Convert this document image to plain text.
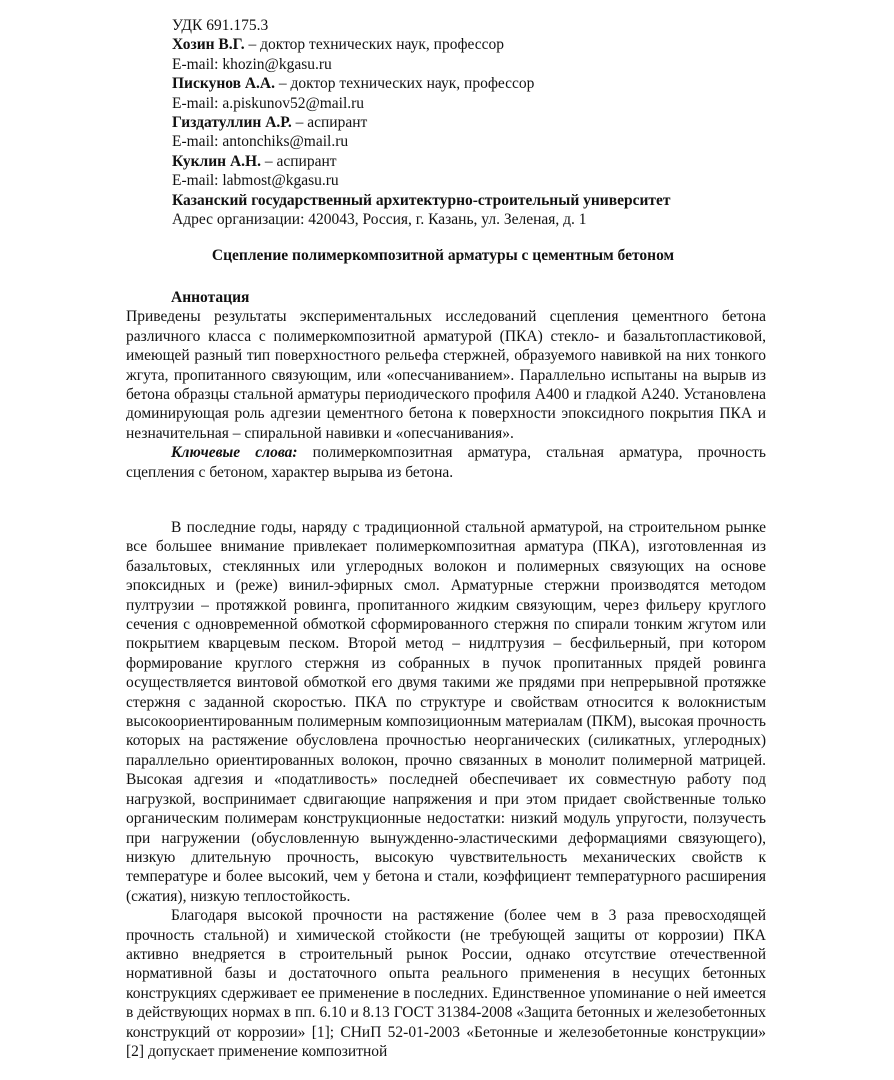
УДК 691.175.3
Хозин В.Г. – доктор технических наук, профессор
E-mail: khozin@kgasu.ru
Пискунов А.А. – доктор технических наук, профессор
E-mail: a.piskunov52@mail.ru
Гиздатуллин А.Р. – аспирант
E-mail: antonchiks@mail.ru
Куклин А.Н. – аспирант
E-mail: labmost@kgasu.ru
Казанский государственный архитектурно-строительный университет
Адрес организации: 420043, Россия, г. Казань, ул. Зеленая, д. 1
Сцепление полимеркомпозитной арматуры с цементным бетоном
Аннотация

Приведены результаты экспериментальных исследований сцепления цементного бетона различного класса с полимеркомпозитной арматурой (ПКА) стекло- и базальтопластиковой, имеющей разный тип поверхностного рельефа стержней, образуемого навивкой на них тонкого жгута, пропитанного связующим, или «опесчаниванием». Параллельно испытаны на вырыв из бетона образцы стальной арматуры периодического профиля А400 и гладкой А240. Установлена доминирующая роль адгезии цементного бетона к поверхности эпоксидного покрытия ПКА и незначительная – спиральной навивки и «опесчанивания».

Ключевые слова: полимеркомпозитная арматура, стальная арматура, прочность сцепления с бетоном, характер вырыва из бетона.

В последние годы, наряду с традиционной стальной арматурой, на строительном рынке все большее внимание привлекает полимеркомпозитная арматура (ПКА), изготовленная из базальтовых, стеклянных или углеродных волокон и полимерных связующих на основе эпоксидных и (реже) винил-эфирных смол. Арматурные стержни производятся методом пултрузии – протяжкой ровинга, пропитанного жидким связующим, через фильеру круглого сечения с одновременной обмоткой сформированного стержня по спирали тонким жгутом или покрытием кварцевым песком. Второй метод – нидлтрузия – бесфильерный, при котором формирование круглого стержня из собранных в пучок пропитанных прядей ровинга осуществляется винтовой обмоткой его двумя такими же прядями при непрерывной протяжке стержня с заданной скоростью. ПКА по структуре и свойствам относится к волокнистым высокоориентированным полимерным композиционным материалам (ПКМ), высокая прочность которых на растяжение обусловлена прочностью неорганических (силикатных, углеродных) параллельно ориентированных волокон, прочно связанных в монолит полимерной матрицей. Высокая адгезия и «податливость» последней обеспечивает их совместную работу под нагрузкой, воспринимает сдвигающие напряжения и при этом придает свойственные только органическим полимерам конструкционные недостатки: низкий модуль упругости, ползучесть при нагружении (обусловленную вынужденно-эластическими деформациями связующего), низкую длительную прочность, высокую чувствительность механических свойств к температуре и более высокий, чем у бетона и стали, коэффициент температурного расширения (сжатия), низкую теплостойкость.

Благодаря высокой прочности на растяжение (более чем в 3 раза превосходящей прочность стальной) и химической стойкости (не требующей защиты от коррозии) ПКА активно внедряется в строительный рынок России, однако отсутствие отечественной нормативной базы и достаточного опыта реального применения в несущих бетонных конструкциях сдерживает ее применение в последних. Единственное упоминание о ней имеется в действующих нормах в пп. 6.10 и 8.13 ГОСТ 31384-2008 «Защита бетонных и железобетонных конструкций от коррозии» [1]; СНиП 52-01-2003 «Бетонные и железобетонные конструкции» [2] допускает применение композитной
